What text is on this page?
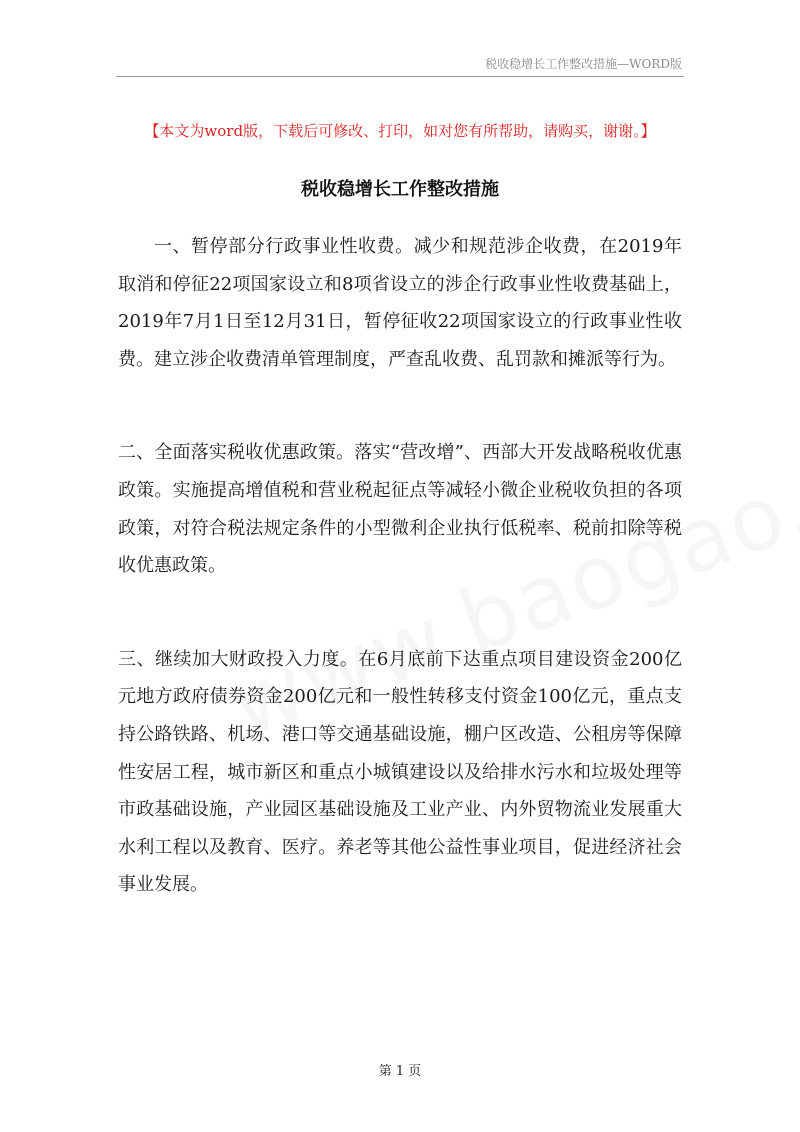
税收稳增长工作整改措施—WORD版
【本文为word版，下载后可修改、打印，如对您有所帮助，请购买，谢谢。】
税收稳增长工作整改措施

一、暂停部分行政事业性收费。减少和规范涉企收费，在2019年取消和停征22项国家设立和8项省设立的涉企行政事业性收费基础上，2019年7月1日至12月31日，暂停征收22项国家设立的行政事业性收费。建立涉企收费清单管理制度，严查乱收费、乱罚款和摊派等行为。

二、全面落实税收优惠政策。落实“营改增”、西部大开发战略税收优惠政策。实施提高增值税和营业税起征点等减轻小微企业税收负担的各项政策，对符合税法规定条件的小型微利企业执行低税率、税前扣除等税收优惠政策。

三、继续加大财政投入力度。在6月底前下达重点项目建设资金200亿元地方政府债券资金200亿元和一般性转移支付资金100亿元，重点支持公路铁路、机场、港口等交通基础设施，棚户区改造、公租房等保障性安居工程，城市新区和重点小城镇建设以及给排水污水和垃圾处理等市政基础设施，产业园区基础设施及工业产业、内外贸物流业发展重大水利工程以及教育、医疗。养老等其他公益性事业项目，促进经济社会事业发展。

第 1 页
